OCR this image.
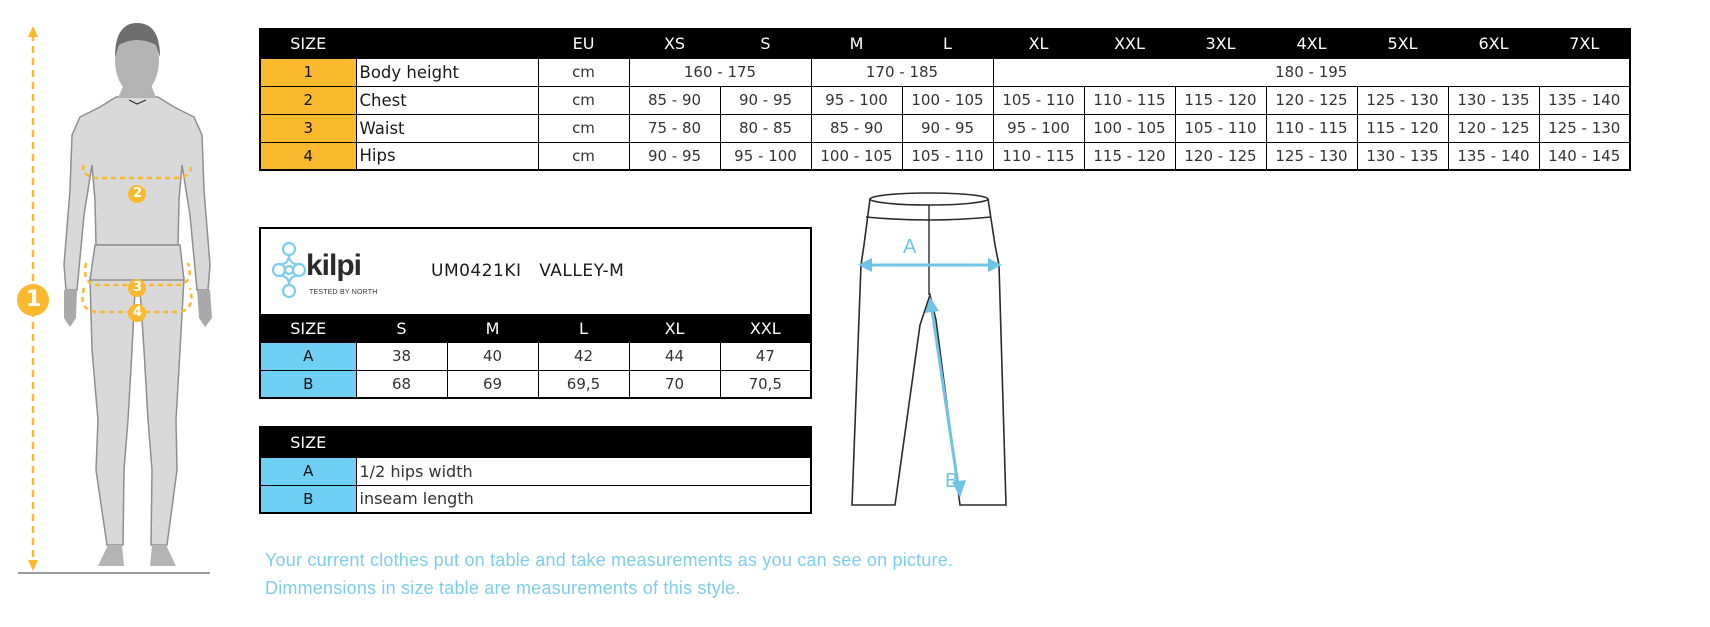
1
2
3
4
SIZE		EU	XS	S	M	L	XL	XXL	3XL	4XL	5XL	6XL	7XL
1	Body height	cm	160 - 175		170 - 185		180 - 195						
2	Chest	cm	85 - 90	90 - 95	95 - 100	100 - 105	105 - 110	110 - 115	115 - 120	120 - 125	125 - 130	130 - 135	135 - 140
3	Waist	cm	75 - 80	80 - 85	85 - 90	90 - 95	95 - 100	100 - 105	105 - 110	110 - 115	115 - 120	120 - 125	125 - 130
4	Hips	cm	90 - 95	95 - 100	100 - 105	105 - 110	110 - 115	115 - 120	120 - 125	125 - 130	130 - 135	135 - 140	140 - 145
kilpi
TESTED BY NORTH
UM0421KI VALLEY-M					

SIZE	S	M	L	XL	XXL
A	38	40	42	44	47
B	68	69	69,5	70	70,5
SIZE	
A	1/2 hips width
B	inseam length
A
B
Your current clothes put on table and take measurements as you can see on picture.
Dimmensions in size table are measurements of this style.
